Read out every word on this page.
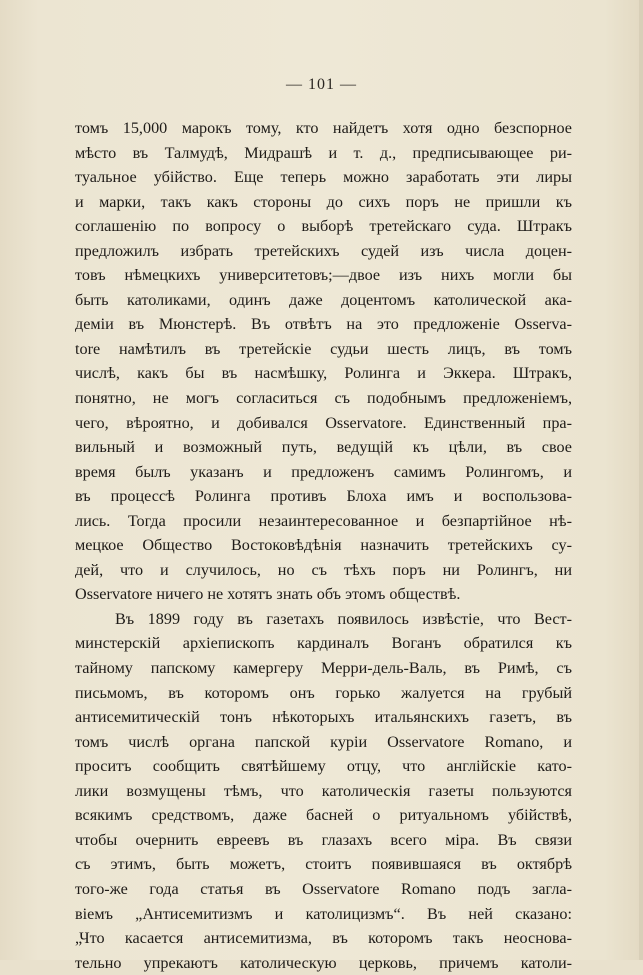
— 101 —
томъ 15,000 марокъ тому, кто найдетъ хотя одно безспорное
мѣсто въ Талмудѣ, Мидрашѣ и т. д., предписывающее ри-
туальное убійство. Еще теперь можно заработать эти лиры
и марки, такъ какъ стороны до сихъ поръ не пришли къ
соглашенію по вопросу о выборѣ третейскаго суда. Штракъ
предложилъ избрать третейскихъ судей изъ числа доцен-
товъ нѣмецкихъ университетовъ;—двое изъ нихъ могли бы
быть католиками, одинъ даже доцентомъ католической ака-
деміи въ Мюнстерѣ. Въ отвѣтъ на это предложеніе Osserva-
tore намѣтилъ въ третейскіе судьи шесть лицъ, въ томъ
числѣ, какъ бы въ насмѣшку, Ролинга и Эккера. Штракъ,
понятно, не могъ согласиться съ подобнымъ предложеніемъ,
чего, вѣроятно, и добивался Osservatore. Единственный пра-
вильный и возможный путь, ведущій къ цѣли, въ свое
время былъ указанъ и предложенъ самимъ Ролингомъ, и
въ процессѣ Ролинга противъ Блоха имъ и воспользова-
лись. Тогда просили незаинтересованное и безпартійное нѣ-
мецкое Общество Востоковѣдѣнія назначить третейскихъ су-
дей, что и случилось, но съ тѣхъ поръ ни Ролингъ, ни
Osservatore ничего не хотятъ знать объ этомъ обществѣ.
Въ 1899 году въ газетахъ появилось извѣстіе, что Вест-
минстерскій архіепископъ кардиналъ Воганъ обратился къ
тайному папскому камергеру Мерри-дель-Валь, въ Римѣ, съ
письмомъ, въ которомъ онъ горько жалуется на грубый
антисемитическій тонъ нѣкоторыхъ итальянскихъ газетъ, въ
томъ числѣ органа папской куріи Osservatore Romano, и
проситъ сообщить святѣйшему отцу, что англійскіе като-
лики возмущены тѣмъ, что католическія газеты пользуются
всякимъ средствомъ, даже басней о ритуальномъ убійствѣ,
чтобы очернить евреевъ въ глазахъ всего міра. Въ связи
съ этимъ, быть можетъ, стоитъ появившаяся въ октябрѣ
того-же года статья въ Osservatore Romano подъ загла-
віемъ „Антисемитизмъ и католицизмъ“. Въ ней сказано:
„Что касается антисемитизма, въ которомъ такъ неоснова-
тельно упрекаютъ католическую церковь, причемъ католи-
